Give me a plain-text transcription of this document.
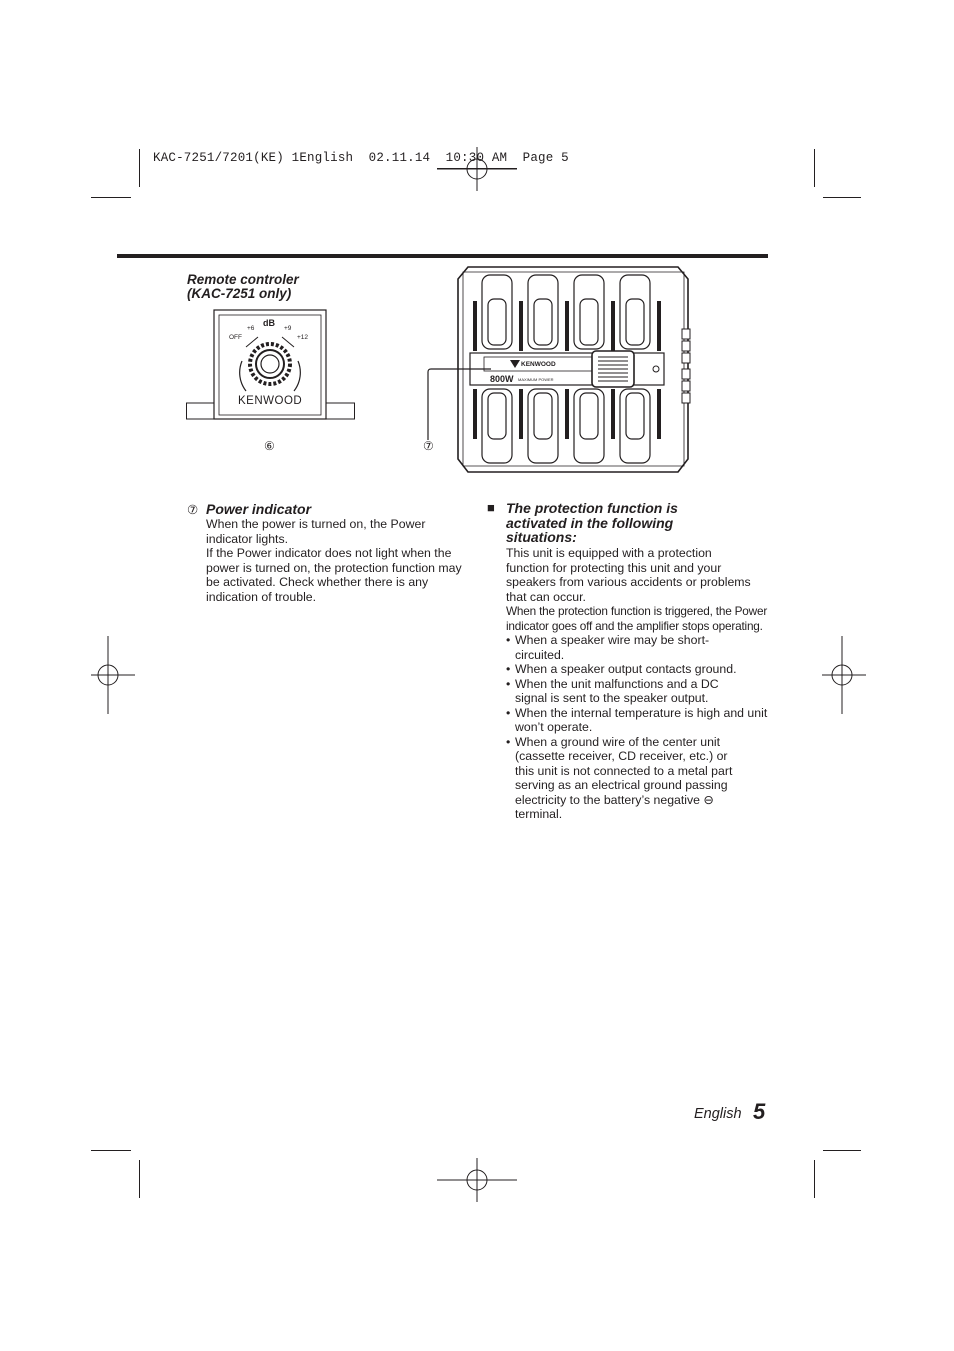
KAC-7251/7201(KE) 1English  02.11.14  10:30 AM  Page 5
Remote controler
(KAC-7251 only)
dB
+6	+9
OFF	+12
KENWOOD
⑥
KENWOOD
800W MAXIMUM POWER
⑦
⑦ Power indicator

When the power is turned on, the Power indicator lights.

If the Power indicator does not light when the power is turned on, the protection function may be activated. Check whether there is any indication of trouble.

■ The protection function is
activated in the following
situations:

This unit is equipped with a protection function for protecting this unit and your speakers from various accidents or problems that can occur.

When the protection function is triggered, the Power indicator goes off and the amplifier stops operating.

• When a speaker wire may be short-circuited.
• When a speaker output contacts ground.
• When the unit malfunctions and a DC signal is sent to the speaker output.
• When the internal temperature is high and unit won’t operate.
• When a ground wire of the center unit (cassette receiver, CD receiver, etc.) or this unit is not connected to a metal part serving as an electrical ground passing electricity to the battery’s negative ⊖ terminal.
English 5
